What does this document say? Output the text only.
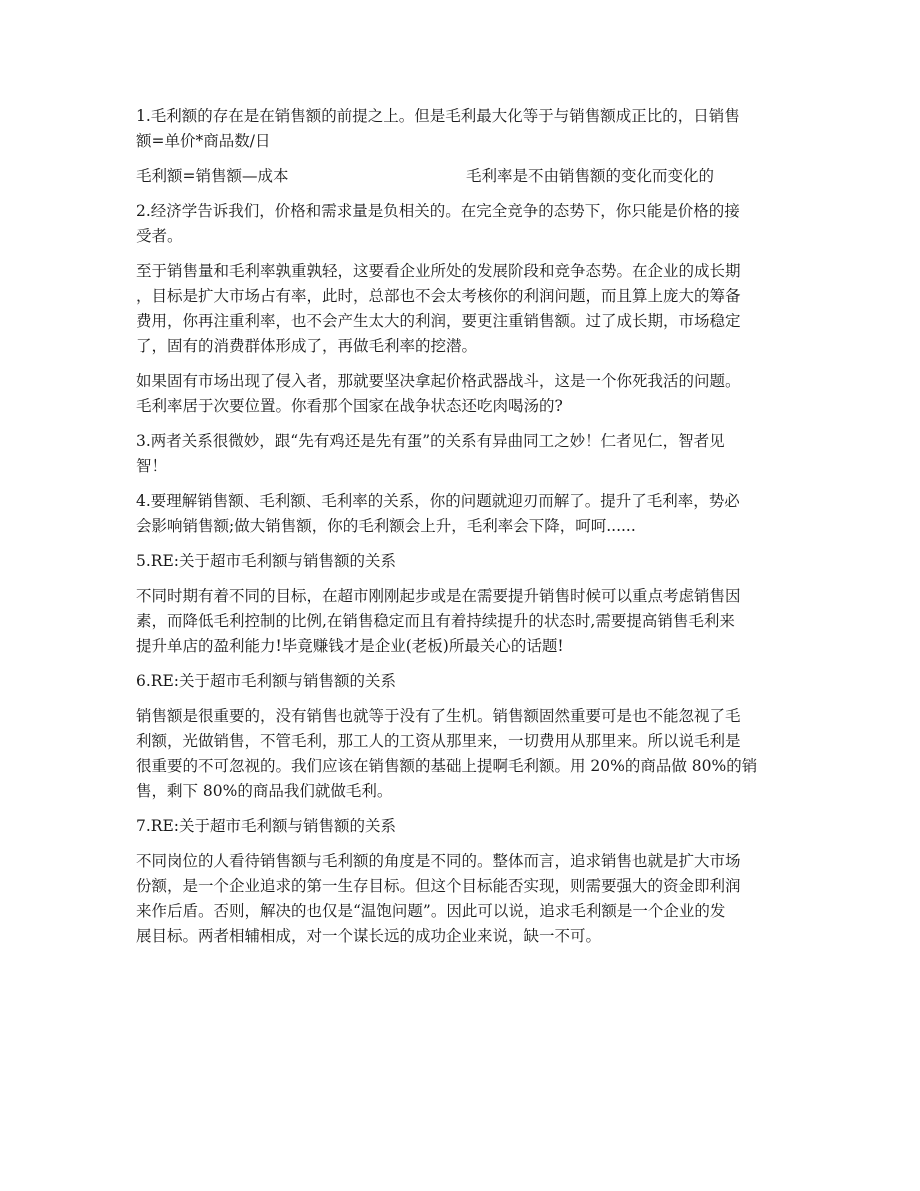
1.毛利额的存在是在销售额的前提之上。但是毛利最大化等于与销售额成正比的，日销售
额=单价*商品数/日

毛利额=销售额—成本	毛利率是不由销售额的变化而变化的

2.经济学告诉我们，价格和需求量是负相关的。在完全竞争的态势下，你只能是价格的接
受者。

至于销售量和毛利率孰重孰轻，这要看企业所处的发展阶段和竞争态势。在企业的成长期
，目标是扩大市场占有率，此时，总部也不会太考核你的利润问题，而且算上庞大的筹备
费用，你再注重利率，也不会产生太大的利润，要更注重销售额。过了成长期，市场稳定
了，固有的消费群体形成了，再做毛利率的挖潜。

如果固有市场出现了侵入者，那就要坚决拿起价格武器战斗，这是一个你死我活的问题。
毛利率居于次要位置。你看那个国家在战争状态还吃肉喝汤的?

3.两者关系很微妙，跟“先有鸡还是先有蛋”的关系有异曲同工之妙！仁者见仁，智者见
智！

4.要理解销售额、毛利额、毛利率的关系，你的问题就迎刃而解了。提升了毛利率，势必
会影响销售额;做大销售额，你的毛利额会上升，毛利率会下降，呵呵......

5.RE:关于超市毛利额与销售额的关系

不同时期有着不同的目标，在超市刚刚起步或是在需要提升销售时候可以重点考虑销售因
素，而降低毛利控制的比例,在销售稳定而且有着持续提升的状态时,需要提高销售毛利来
提升单店的盈利能力!毕竟赚钱才是企业(老板)所最关心的话题!

6.RE:关于超市毛利额与销售额的关系

销售额是很重要的，没有销售也就等于没有了生机。销售额固然重要可是也不能忽视了毛
利额，光做销售，不管毛利，那工人的工资从那里来，一切费用从那里来。所以说毛利是
很重要的不可忽视的。我们应该在销售额的基础上提啊毛利额。用 20%的商品做 80%的销
售，剩下 80%的商品我们就做毛利。

7.RE:关于超市毛利额与销售额的关系

不同岗位的人看待销售额与毛利额的角度是不同的。整体而言，追求销售也就是扩大市场
份额，是一个企业追求的第一生存目标。但这个目标能否实现，则需要强大的资金即利润
来作后盾。否则，解决的也仅是“温饱问题”。因此可以说，追求毛利额是一个企业的发
展目标。两者相辅相成，对一个谋长远的成功企业来说，缺一不可。
